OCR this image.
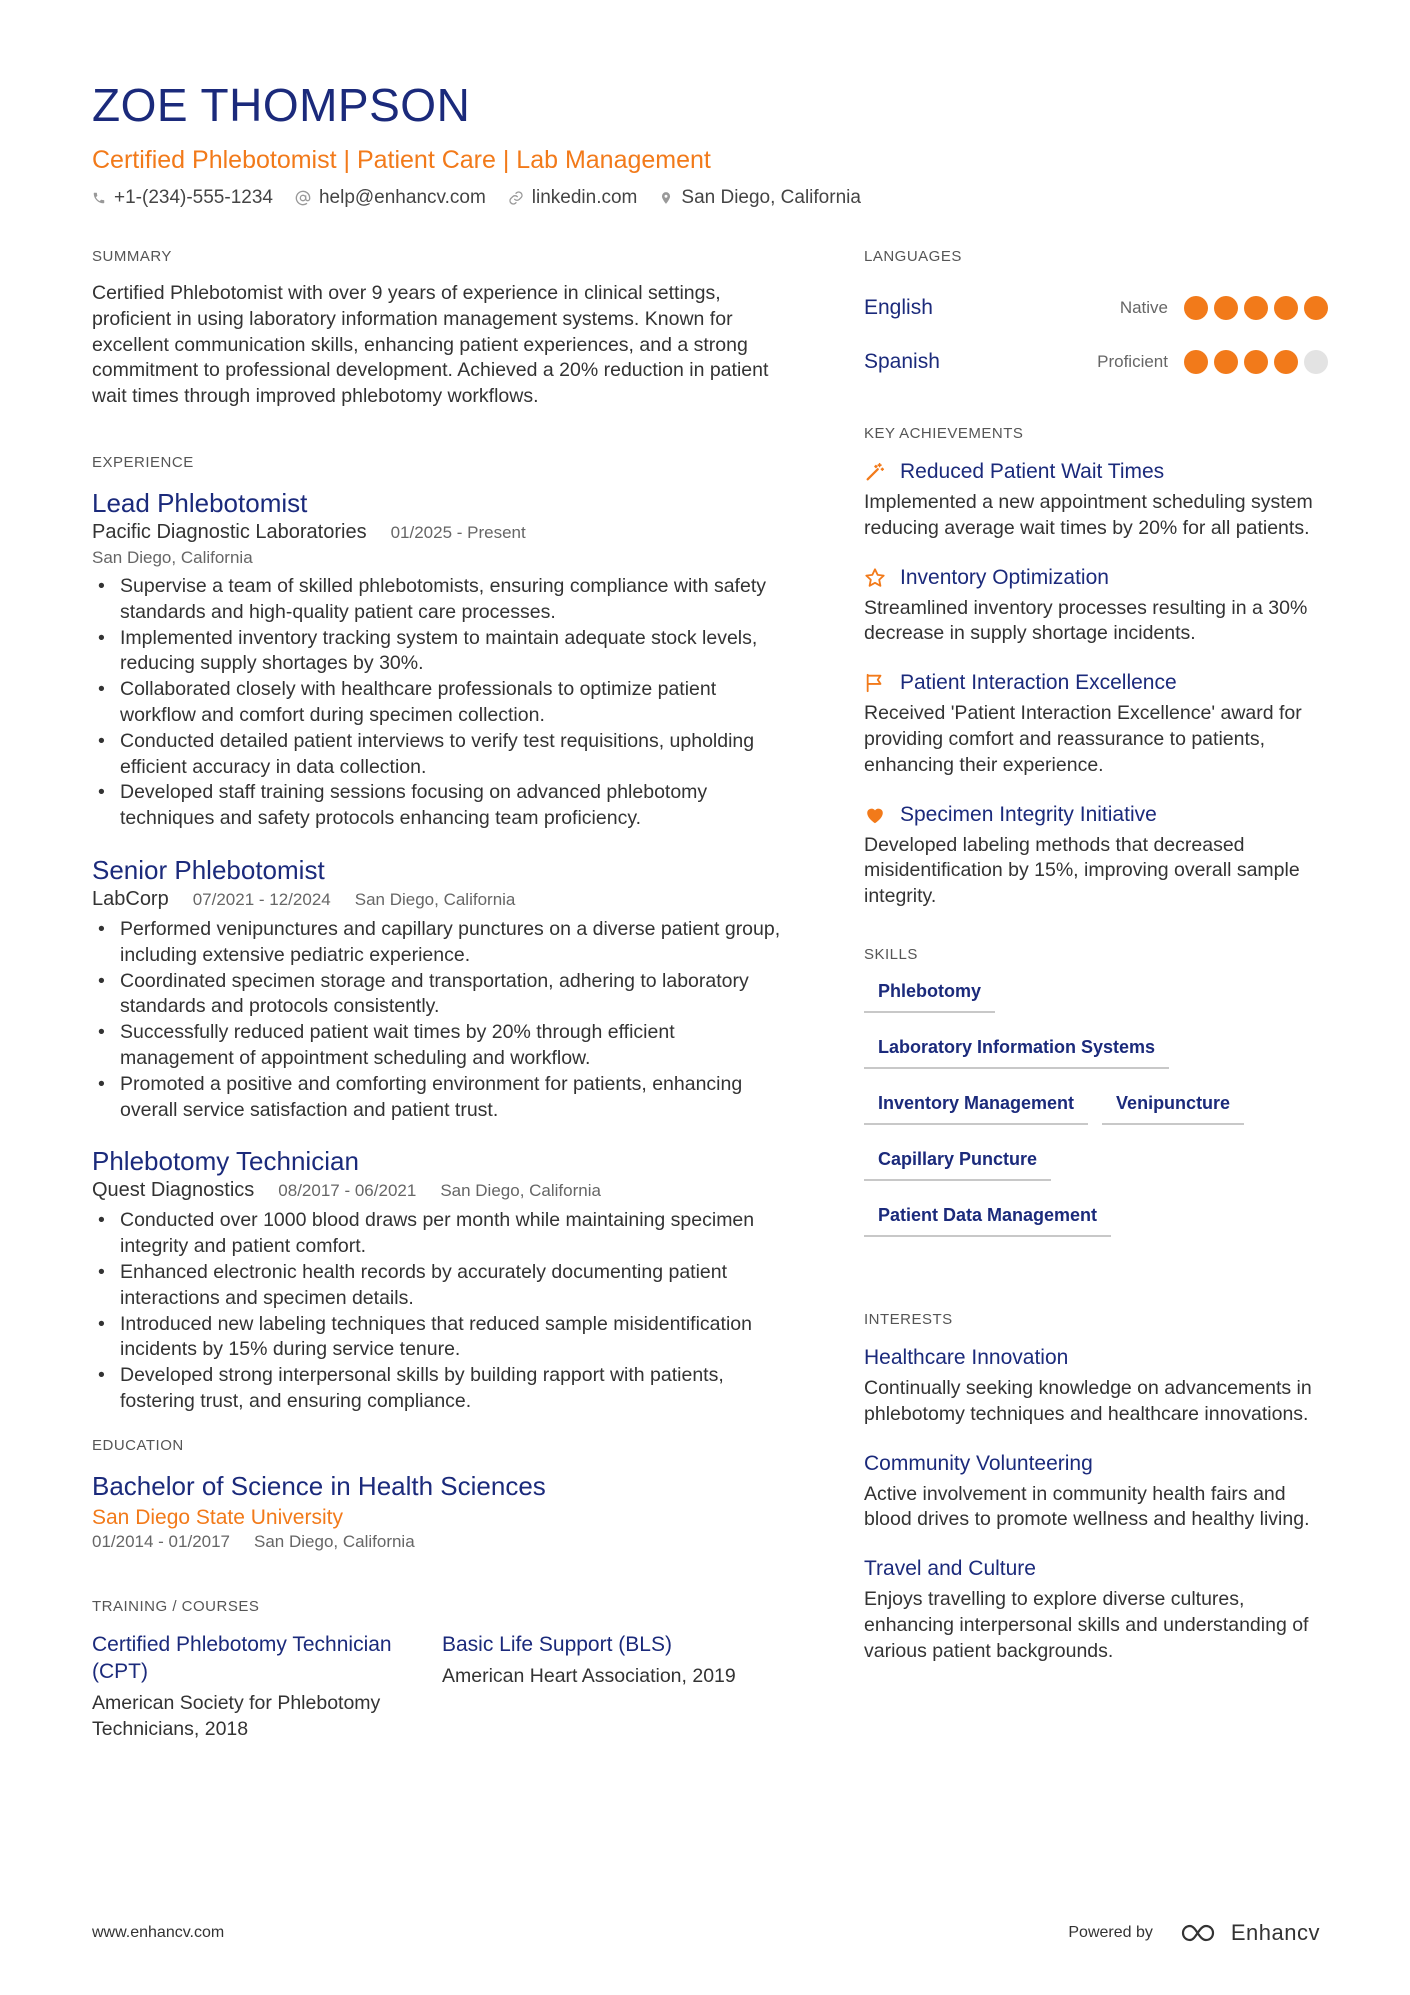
ZOE THOMPSON
Certified Phlebotomist | Patient Care | Lab Management
+1-(234)-555-1234 help@enhancv.com linkedin.com San Diego, California
SUMMARY
Certified Phlebotomist with over 9 years of experience in clinical settings, proficient in using laboratory information management systems. Known for excellent communication skills, enhancing patient experiences, and a strong commitment to professional development. Achieved a 20% reduction in patient wait times through improved phlebotomy workflows.
EXPERIENCE
Lead Phlebotomist
Pacific Diagnostic Laboratories 01/2025 - Present
San Diego, California
• Supervise a team of skilled phlebotomists, ensuring compliance with safety standards and high-quality patient care processes.
• Implemented inventory tracking system to maintain adequate stock levels, reducing supply shortages by 30%.
• Collaborated closely with healthcare professionals to optimize patient workflow and comfort during specimen collection.
• Conducted detailed patient interviews to verify test requisitions, upholding efficient accuracy in data collection.
• Developed staff training sessions focusing on advanced phlebotomy techniques and safety protocols enhancing team proficiency.
Senior Phlebotomist
LabCorp 07/2021 - 12/2024 San Diego, California
• Performed venipunctures and capillary punctures on a diverse patient group, including extensive pediatric experience.
• Coordinated specimen storage and transportation, adhering to laboratory standards and protocols consistently.
• Successfully reduced patient wait times by 20% through efficient management of appointment scheduling and workflow.
• Promoted a positive and comforting environment for patients, enhancing overall service satisfaction and patient trust.
Phlebotomy Technician
Quest Diagnostics 08/2017 - 06/2021 San Diego, California
• Conducted over 1000 blood draws per month while maintaining specimen integrity and patient comfort.
• Enhanced electronic health records by accurately documenting patient interactions and specimen details.
• Introduced new labeling techniques that reduced sample misidentification incidents by 15% during service tenure.
• Developed strong interpersonal skills by building rapport with patients, fostering trust, and ensuring compliance.
EDUCATION
Bachelor of Science in Health Sciences
San Diego State University
01/2014 - 01/2017 San Diego, California
TRAINING / COURSES
Certified Phlebotomy Technician (CPT)
American Society for Phlebotomy Technicians, 2018
Basic Life Support (BLS)
American Heart Association, 2019
LANGUAGES
English	Native
Spanish	Proficient
KEY ACHIEVEMENTS
Reduced Patient Wait Times
Implemented a new appointment scheduling system reducing average wait times by 20% for all patients.
Inventory Optimization
Streamlined inventory processes resulting in a 30% decrease in supply shortage incidents.
Patient Interaction Excellence
Received 'Patient Interaction Excellence' award for providing comfort and reassurance to patients, enhancing their experience.
Specimen Integrity Initiative
Developed labeling methods that decreased misidentification by 15%, improving overall sample integrity.
SKILLS
Phlebotomy
Laboratory Information Systems
Inventory Management	Venipuncture
Capillary Puncture
Patient Data Management
INTERESTS
Healthcare Innovation
Continually seeking knowledge on advancements in phlebotomy techniques and healthcare innovations.
Community Volunteering
Active involvement in community health fairs and blood drives to promote wellness and healthy living.
Travel and Culture
Enjoys travelling to explore diverse cultures, enhancing interpersonal skills and understanding of various patient backgrounds.
www.enhancv.com	Powered by	Enhancv
